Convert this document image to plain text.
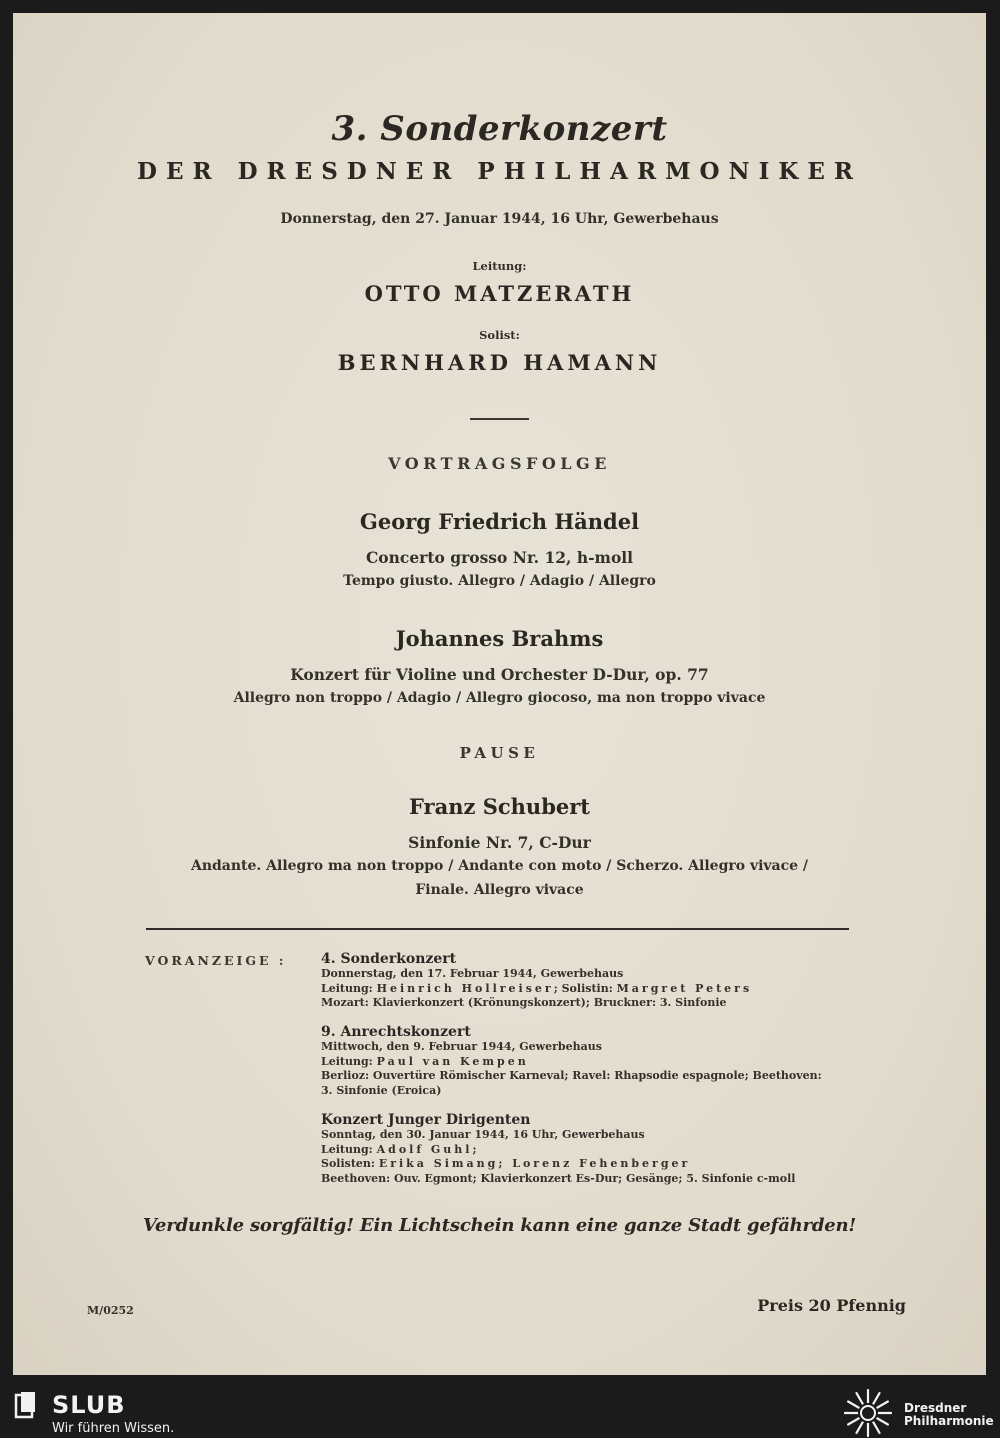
3. Sonderkonzert
DER DRESDNER PHILHARMONIKER
Donnerstag, den 27. Januar 1944, 16 Uhr, Gewerbehaus
Leitung:
OTTO MATZERATH
Solist:
BERNHARD HAMANN
VORTRAGSFOLGE
Georg Friedrich Händel
Concerto grosso Nr. 12, h-moll
Tempo giusto. Allegro / Adagio / Allegro
Johannes Brahms
Konzert für Violine und Orchester D-Dur, op. 77
Allegro non troppo / Adagio / Allegro giocoso, ma non troppo vivace
PAUSE
Franz Schubert
Sinfonie Nr. 7, C-Dur
Andante. Allegro ma non troppo / Andante con moto / Scherzo. Allegro vivace /
Finale. Allegro vivace
VORANZEIGE : 4. Sonderkonzert

Donnerstag, den 17. Februar 1944, Gewerbehaus

Leitung: Heinrich Hollreiser; Solistin: Margret Peters

Mozart: Klavierkonzert (Krönungskonzert); Bruckner: 3. Sinfonie

9. Anrechtskonzert

Mittwoch, den 9. Februar 1944, Gewerbehaus

Leitung: Paul van Kempen

Berlioz: Ouvertüre Römischer Karneval; Ravel: Rhapsodie espagnole; Beethoven:

3. Sinfonie (Eroica)

Konzert Junger Dirigenten

Sonntag, den 30. Januar 1944, 16 Uhr, Gewerbehaus

Leitung: Adolf Guhl;

Solisten: Erika Simang; Lorenz Fehenberger

Beethoven: Ouv. Egmont; Klavierkonzert Es-Dur; Gesänge; 5. Sinfonie c-moll

Verdunkle sorgfältig! Ein Lichtschein kann eine ganze Stadt gefährden!
M/0252	Preis 20 Pfennig
SLUB
Wir führen Wissen.
Dresdner
Philharmonie
